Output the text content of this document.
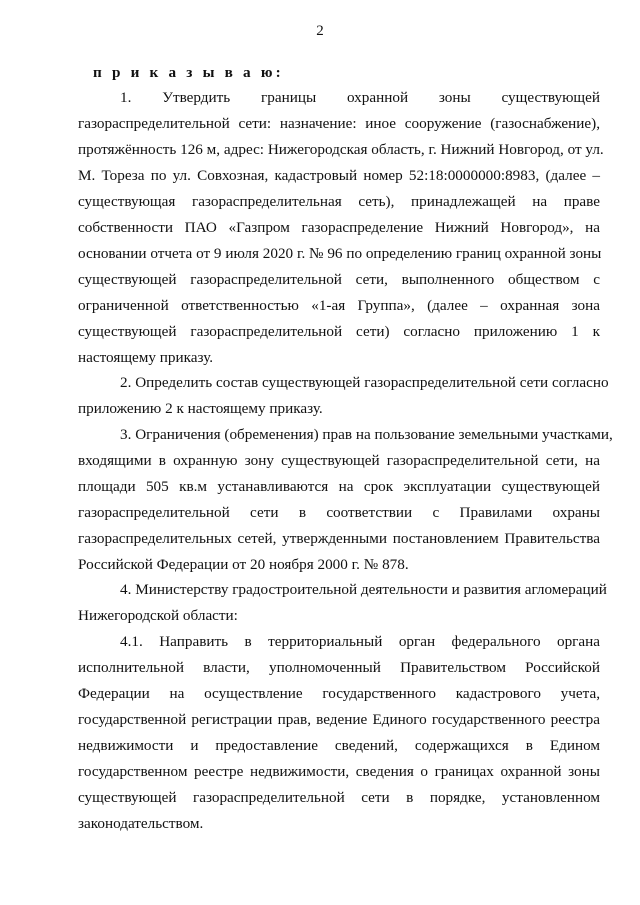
2
п р и к а з ы в а ю:
1. Утвердить границы охранной зоны существующей
газораспределительной сети: назначение: иное сооружение (газоснабжение),
протяжённость 126 м, адрес: Нижегородская область, г. Нижний Новгород, от ул.
М. Тореза по ул. Совхозная, кадастровый номер 52:18:0000000:8983, (далее –
существующая газораспределительная сеть), принадлежащей на праве
собственности ПАО «Газпром газораспределение Нижний Новгород», на
основании отчета от 9 июля 2020 г. № 96 по определению границ охранной зоны
существующей газораспределительной сети, выполненного обществом с
ограниченной ответственностью «1-ая Группа», (далее – охранная зона
существующей газораспределительной сети) согласно приложению 1 к
настоящему приказу.
2. Определить состав существующей газораспределительной сети согласно
приложению 2 к настоящему приказу.
3. Ограничения (обременения) прав на пользование земельными участками,
входящими в охранную зону существующей газораспределительной сети, на
площади 505 кв.м устанавливаются на срок эксплуатации существующей
газораспределительной сети в соответствии с Правилами охраны
газораспределительных сетей, утвержденными постановлением Правительства
Российской Федерации от 20 ноября 2000 г. № 878.
4. Министерству градостроительной деятельности и развития агломераций
Нижегородской области:
4.1. Направить в территориальный орган федерального органа
исполнительной власти, уполномоченный Правительством Российской
Федерации на осуществление государственного кадастрового учета,
государственной регистрации прав, ведение Единого государственного реестра
недвижимости и предоставление сведений, содержащихся в Едином
государственном реестре недвижимости, сведения о границах охранной зоны
существующей газораспределительной сети в порядке, установленном
законодательством.
